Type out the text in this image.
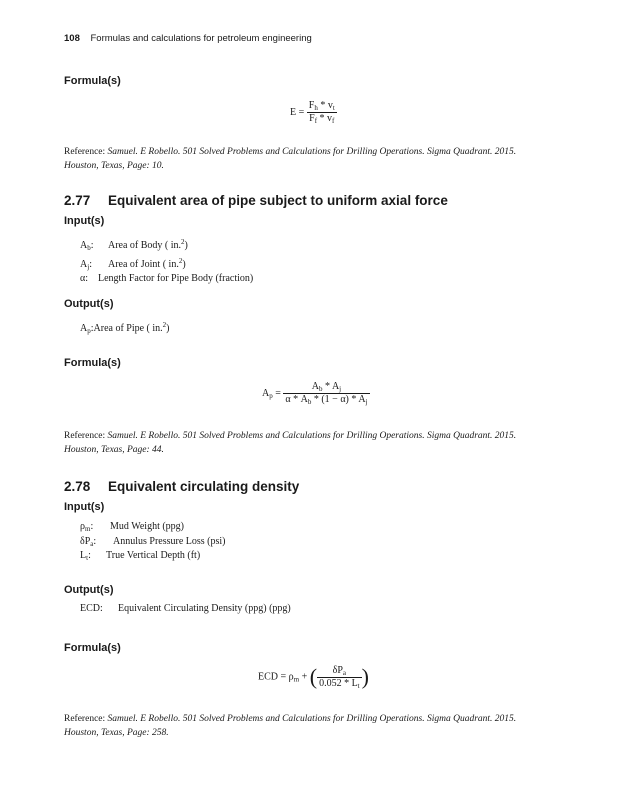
108 Formulas and calculations for petroleum engineering
Formula(s)
$E = \frac{F_h * v_t}{F_f * v_f}$
Reference: Samuel. E Robello. 501 Solved Problems and Calculations for Drilling Operations. Sigma Quadrant. 2015.
Houston, Texas, Page: 10.
2.77 Equivalent area of pipe subject to uniform axial force
Input(s)
$A_b$: Area of Body ( in.$^2$)
$A_j$: Area of Joint ( in.$^2$)
α: Length Factor for Pipe Body (fraction)
Output(s)
$A_p:Area$ of Pipe ( in.$^2$)
Formula(s)
$A_p = \frac{A_b * A_j}{\alpha * A_b * (1 - \alpha) * A_j}$
Reference: Samuel. E Robello. 501 Solved Problems and Calculations for Drilling Operations. Sigma Quadrant. 2015.
Houston, Texas, Page: 44.
2.78 Equivalent circulating density
Input(s)
$\rho_m$: Mud Weight (ppg)
$\delta P_a$: Annulus Pressure Loss (psi)
$L_t$: True Vertical Depth (ft)
Output(s)
ECD: Equivalent Circulating Density (ppg) (ppg)
Formula(s)
ECD = $\rho_m$ + ( $\frac{\delta P_a}{0.052 * L_t}$ )
Reference: Samuel. E Robello. 501 Solved Problems and Calculations for Drilling Operations. Sigma Quadrant. 2015.
Houston, Texas, Page: 258.
